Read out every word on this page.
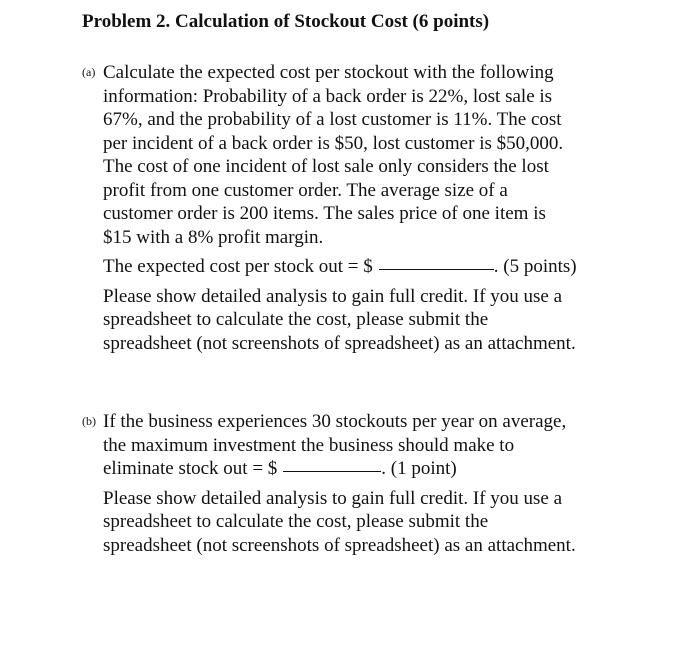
Problem 2. Calculation of Stockout Cost (6 points)
(a) Calculate the expected cost per stockout with the following
information: Probability of a back order is 22%, lost sale is
67%, and the probability of a lost customer is 11%. The cost
per incident of a back order is $50, lost customer is $50,000.
The cost of one incident of lost sale only considers the lost
profit from one customer order. The average size of a
customer order is 200 items. The sales price of one item is
$15 with a 8% profit margin.
The expected cost per stock out = $	. (5 points)
Please show detailed analysis to gain full credit. If you use a
spreadsheet to calculate the cost, please submit the
spreadsheet (not screenshots of spreadsheet) as an attachment.
(b) If the business experiences 30 stockouts per year on average,
the maximum investment the business should make to
eliminate stock out = $	. (1 point)
Please show detailed analysis to gain full credit. If you use a
spreadsheet to calculate the cost, please submit the
spreadsheet (not screenshots of spreadsheet) as an attachment.
